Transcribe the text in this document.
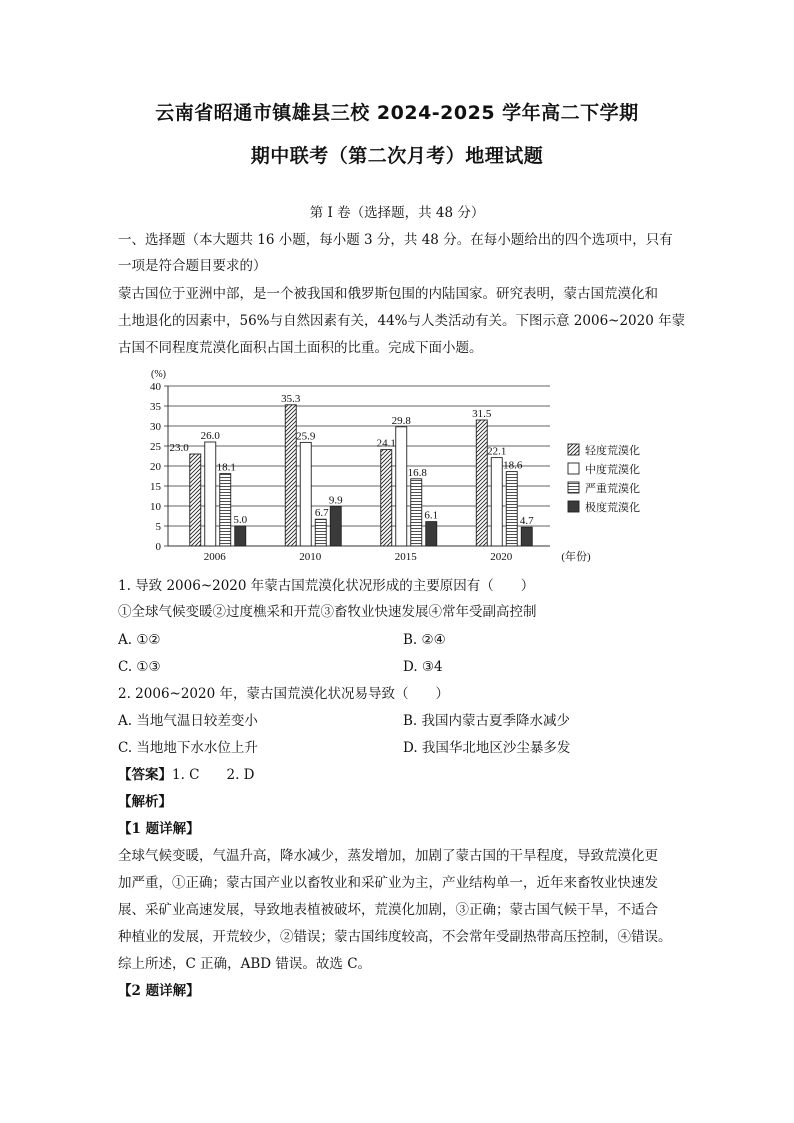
云南省昭通市镇雄县三校 2024-2025 学年高二下学期
期中联考（第二次月考）地理试题
第 I 卷（选择题，共 48 分）
一、选择题（本大题共 16 小题，每小题 3 分，共 48 分。在每小题给出的四个选项中，只有
一项是符合题目要求的）
蒙古国位于亚洲中部，是一个被我国和俄罗斯包围的内陆国家。研究表明，蒙古国荒漠化和
土地退化的因素中，56%与自然因素有关，44%与人类活动有关。下图示意 2006~2020 年蒙
古国不同程度荒漠化面积占国土面积的比重。完成下面小题。
0
5
10
15
20
25
30
35
40
(%)
(年份)
2006	2010	2015	2020
23.0
26.0
18.1
5.0
35.3
25.9
6.7
9.9
24.1
29.8
16.8
6.1
31.5
22.1
18.6
4.7
轻度荒漠化
中度荒漠化
严重荒漠化
极度荒漠化
1. 导致 2006~2020 年蒙古国荒漠化状况形成的主要原因有（　　）
①全球气候变暖②过度樵采和开荒③畜牧业快速发展④常年受副高控制
A. ①②	B. ②④
C. ①③	D. ③4
2. 2006~2020 年，蒙古国荒漠化状况易导致（　　）
A. 当地气温日较差变小	B. 我国内蒙古夏季降水减少
C. 当地地下水水位上升	D. 我国华北地区沙尘暴多发
【答案】1. C　　2. D
【解析】
【1 题详解】
全球气候变暖，气温升高，降水减少，蒸发增加，加剧了蒙古国的干旱程度，导致荒漠化更
加严重，①正确；蒙古国产业以畜牧业和采矿业为主，产业结构单一，近年来畜牧业快速发
展、采矿业高速发展，导致地表植被破坏，荒漠化加剧，③正确；蒙古国气候干旱，不适合
种植业的发展，开荒较少，②错误；蒙古国纬度较高，不会常年受副热带高压控制，④错误。
综上所述，C 正确，ABD 错误。故选 C。
【2 题详解】
